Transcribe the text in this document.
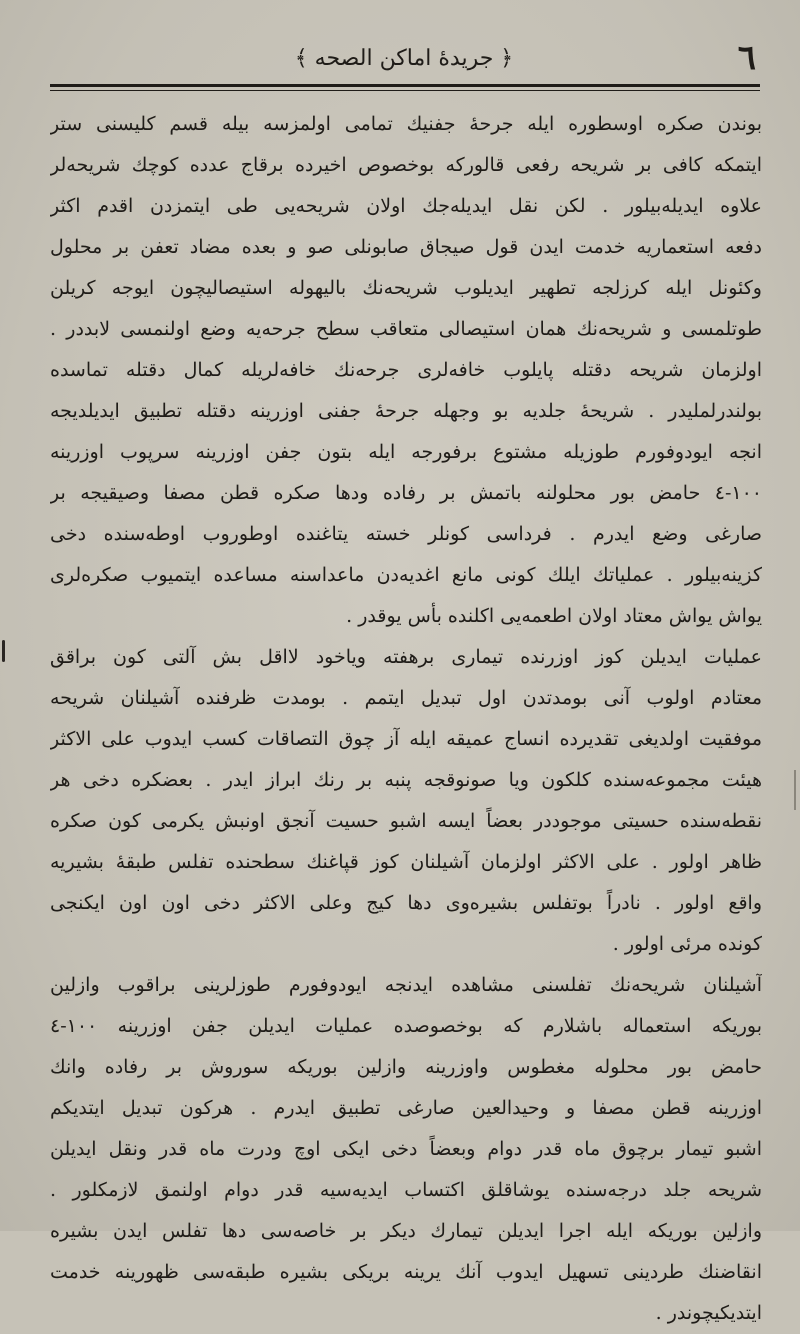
٦
﴿ جريدهٔ اماكن الصحه ﴾
بوندن صكره اوسطوره ايله جرحهٔ جفنيك تمامى اولمزسه بيله قسم كليسنى ستر
ايتمكه كافى بر شريحه رفعى قالوركه بوخصوص اخيرده برقاج عدده كوچك شريحه‌لر
علاوه ايديله‌بيلور . لكن نقل ايديله‌جك اولان شريحه‌يى طى ايتمزدن اقدم اكثر
دفعه استعماريه خدمت ايدن قول صيجاق صابونلى صو و بعده مضاد تعفن بر محلول
وكئونل ايله كرزلجه تطهير ايديلوب شريحه‌نك باليهوله استيصاليچون ايوجه كريلن
طوتلمسى و شريحه‌نك همان استيصالى متعاقب سطح جرحه‌يه وضع اولنمسى لابددر .
اولزمان شريحه دقتله پايلوب خافه‌لرى جرحه‌نك خافه‌لريله كمال دقتله تماسده
بولندرلمليدر . شريحهٔ جلديه بو وجهله جرحهٔ جفنى اوزرينه دقتله تطبيق ايديلديجه
انجه ايودوفورم طوزيله مشتوع برفورجه ايله بتون جفن اوزرينه سرپوب اوزرينه
١٠٠-٤ حامض بور محلولنه باتمش بر رفاده ودها صكره قطن مصفا وصيقيجه بر
صارغى وضع ايدرم . فرداسى كونلر خسته يتاغنده اوطوروب اوطه‌سنده دخى
كزينه‌بيلور . عملياتك ايلك كونى مانع اغديه‌دن ماعداسنه مساعده ايتميوب صكره‌لرى
يواش يواش معتاد اولان اطعمه‌يى اكلنده بأس يوقدر .
عمليات ايديلن كوز اوزرنده تيمارى برهفته وياخود لااقل بش آلتى كون براقق
معتادم اولوب آنى بومدتدن اول تبديل ايتمم . بومدت ظرفنده آشيلنان شريحه
موفقيت اولديغى تقديرده انساج عميقه ايله آز چوق التصاقات كسب ايدوب على الاكثر
هيئت مجموعه‌سنده كلكون ويا صونوقجه پنبه بر رنك ابراز ايدر . بعضكره دخى هر
نقطه‌سنده حسيتى موجوددر بعضاً ايسه اشبو حسيت آنجق اونبش يكرمى كون صكره
ظاهر اولور . على الاكثر اولزمان آشيلنان كوز قپاغنك سطحنده تفلس طبقهٔ بشيريه
واقع اولور . نادراً بوتفلس بشيره‌وى دها كيج وعلى الاكثر دخى اون اون ايكنجى
كونده مرئى اولور .
آشيلنان شريحه‌نك تفلسنى مشاهده ايدنجه ايودوفورم طوزلرينى براقوب وازلين
بوريكه استعماله باشلارم كه بوخصوصده عمليات ايديلن جفن اوزرينه ١٠٠-٤
حامض بور محلوله مغطوس واوزرينه وازلين بوريكه سوروش بر رفاده وانك
اوزرينه قطن مصفا و وحيدالعين صارغى تطبيق ايدرم . هركون تبديل ايتديكم
اشبو تيمار برچوق ماه قدر دوام وبعضاً دخى ايكى اوچ ودرت ماه قدر ونقل ايديلن
شريحه جلد درجه‌سنده يوشاقلق اكتساب ايديه‌سيه قدر دوام اولنمق لازمكلور .
وازلين بوريكه ايله اجرا ايديلن تيمارك ديكر بر خاصه‌سى دها تفلس ايدن بشيره
انقاضنك طردينى تسهيل ايدوب آنك يرينه بريكى بشيره طبقه‌سى ظهورينه خدمت
ايتديكيچوندر .
